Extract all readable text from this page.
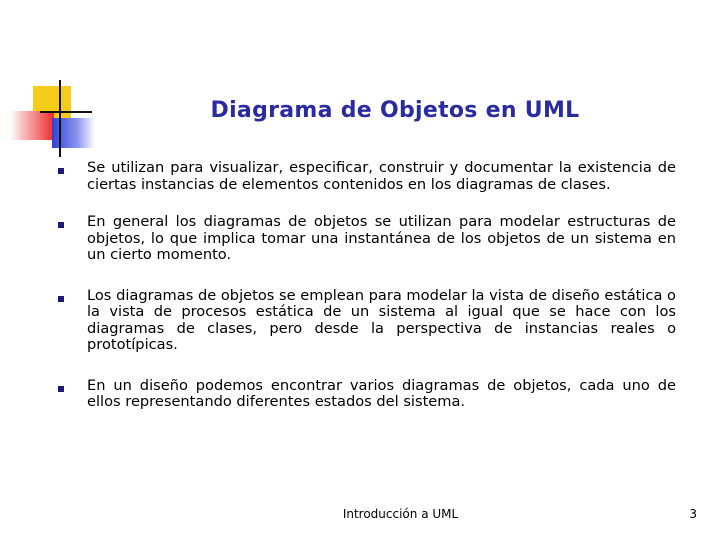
Diagrama de Objetos en UML
Se utilizan para visualizar, especificar, construir y documentar la existencia de ciertas instancias de elementos contenidos en los diagramas de clases.
En general los diagramas de objetos se utilizan para modelar estructuras de objetos, lo que implica tomar una instantánea de los objetos de un sistema en un cierto momento.
Los diagramas de objetos se emplean para modelar la vista de diseño estática o la vista de procesos estática de un sistema al igual que se hace con los diagramas de clases, pero desde la perspectiva de instancias reales o prototípicas.
En un diseño podemos encontrar varios diagramas de objetos, cada uno de ellos representando diferentes estados del sistema.
Introducción a UML	3
